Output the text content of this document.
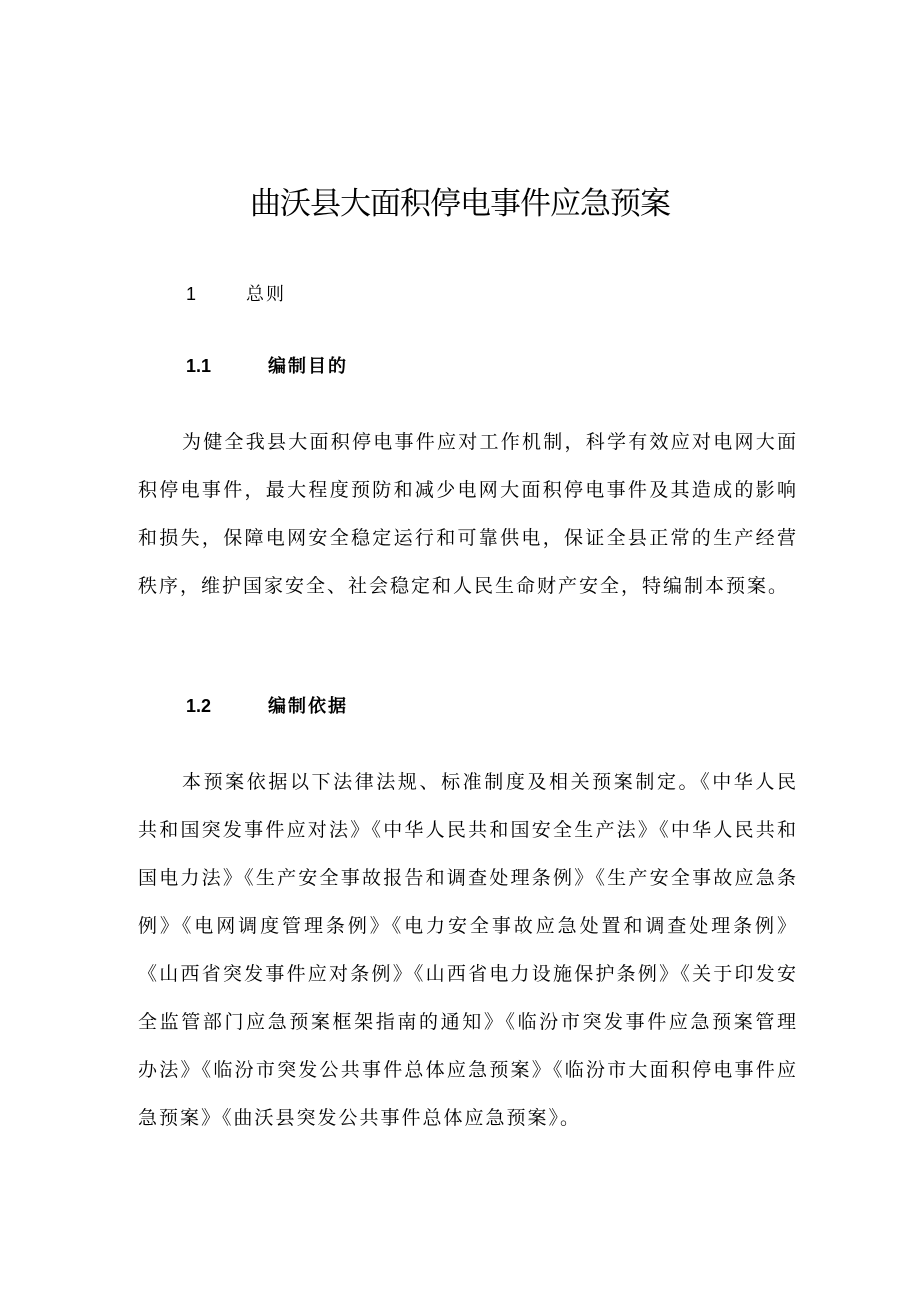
曲沃县大面积停电事件应急预案
1	总则
1.1	编制目的

为健全我县大面积停电事件应对工作机制，科学有效应对电网大面积停电事件，最大程度预防和减少电网大面积停电事件及其造成的影响和损失，保障电网安全稳定运行和可靠供电，保证全县正常的生产经营秩序，维护国家安全、社会稳定和人民生命财产安全，特编制本预案。

1.2	编制依据

本预案依据以下法律法规、标准制度及相关预案制定。《中华人民共和国突发事件应对法》《中华人民共和国安全生产法》《中华人民共和国电力法》《生产安全事故报告和调查处理条例》《生产安全事故应急条例》《电网调度管理条例》《电力安全事故应急处置和调查处理条例》《山西省突发事件应对条例》《山西省电力设施保护条例》《关于印发安全监管部门应急预案框架指南的通知》《临汾市突发事件应急预案管理办法》《临汾市突发公共事件总体应急预案》《临汾市大面积停电事件应急预案》《曲沃县突发公共事件总体应急预案》。
